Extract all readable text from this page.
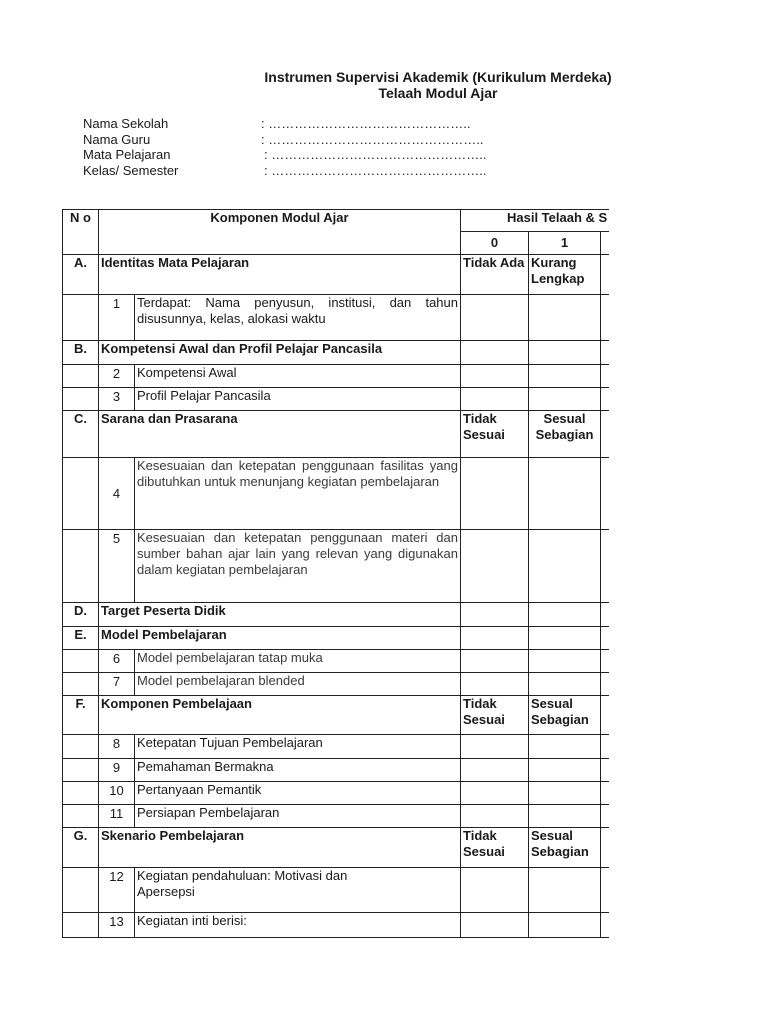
Instrumen Supervisi Akademik (Kurikulum Merdeka)
Telaah Modul Ajar
Nama Sekolah	: ………………………………………..
Nama Guru	: …………………………………………..
Mata Pelajaran	: …………………………………………..
Kelas/ Semester	: …………………………………………..
N o	Komponen Modul Ajar		Hasil Telaah & S		
			0	1	
A.	Identitas Mata Pelajaran		Tidak Ada	Kurang Lengkap	
	1	Terdapat: Nama penyusun, institusi, dan tahun disusunnya, kelas, alokasi waktu			
B.	Kompetensi Awal dan Profil Pelajar Pancasila				
	2	Kompetensi Awal			
	3	Profil Pelajar Pancasila			
C.	Sarana dan Prasarana		Tidak Sesuai	Sesual Sebagian	
	4	Kesesuaian dan ketepatan penggunaan fasilitas yang dibutuhkan untuk menunjang kegiatan pembelajaran			
	5	Kesesuaian dan ketepatan penggunaan materi dan sumber bahan ajar lain yang relevan yang digunakan dalam kegiatan pembelajaran			
D.	Target Peserta Didik				
E.	Model Pembelajaran				
	6	Model pembelajaran tatap muka			
	7	Model pembelajaran blended			
F.	Komponen Pembelajaan		Tidak Sesuai	Sesual Sebagian	
	8	Ketepatan Tujuan Pembelajaran			
	9	Pemahaman Bermakna			
	10	Pertanyaan Pemantik			
	11	Persiapan Pembelajaran			
G.	Skenario Pembelajaran		Tidak Sesuai	Sesual Sebagian	
	12	Kegiatan pendahuluan: Motivasi dan Apersepsi			
	13	Kegiatan inti berisi:			
